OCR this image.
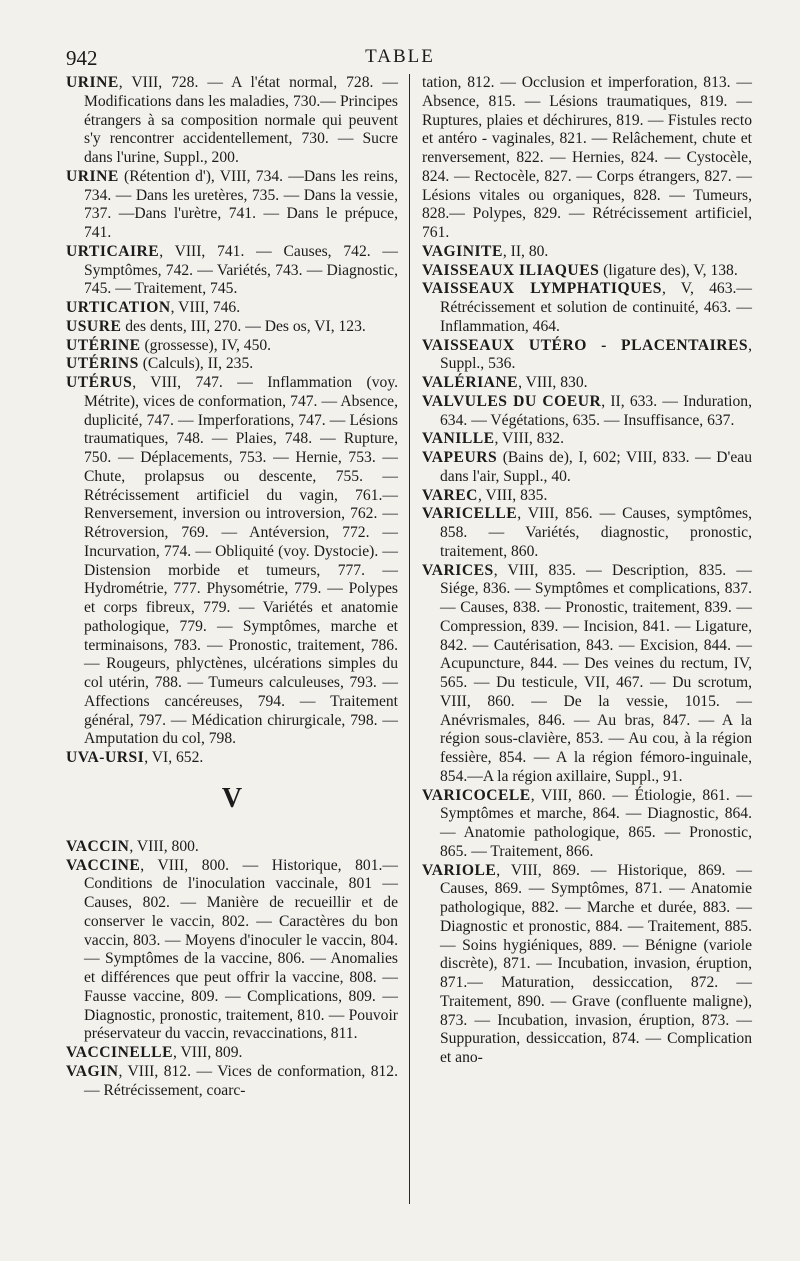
942	TABLE

URINE, VIII, 728. — A l'état normal, 728. — Modifications dans les maladies, 730.— Principes étrangers à sa composition normale qui peuvent s'y rencontrer accidentellement, 730. — Sucre dans l'urine, Suppl., 200.

URINE (Rétention d'), VIII, 734. —Dans les reins, 734. — Dans les uretères, 735. — Dans la vessie, 737. —Dans l'urètre, 741. — Dans le prépuce, 741.

URTICAIRE, VIII, 741. — Causes, 742. — Symptômes, 742. — Variétés, 743. — Diagnostic, 745. — Traitement, 745.

URTICATION, VIII, 746.

USURE des dents, III, 270. — Des os, VI, 123.

UTÉRINE (grossesse), IV, 450.

UTÉRINS (Calculs), II, 235.

UTÉRUS, VIII, 747. — Inflammation (voy. Métrite), vices de conformation, 747. — Absence, duplicité, 747. — Imperforations, 747. — Lésions traumatiques, 748. — Plaies, 748. — Rupture, 750. — Déplacements, 753. — Hernie, 753. — Chute, prolapsus ou descente, 755. — Rétrécissement artificiel du vagin, 761.— Renversement, inversion ou introversion, 762. — Rétroversion, 769. — Antéversion, 772. — Incurvation, 774. — Obliquité (voy. Dystocie). — Distension morbide et tumeurs, 777. —Hydrométrie, 777. Physométrie, 779. — Polypes et corps fibreux, 779. — Variétés et anatomie pathologique, 779. — Symptômes, marche et terminaisons, 783. — Pronostic, traitement, 786. — Rougeurs, phlyctènes, ulcérations simples du col utérin, 788. — Tumeurs calculeuses, 793. — Affections cancéreuses, 794. — Traitement général, 797. — Médication chirurgicale, 798. — Amputation du col, 798.

UVA-URSI, VI, 652.

V

VACCIN, VIII, 800.

VACCINE, VIII, 800. — Historique, 801.— Conditions de l'inoculation vaccinale, 801 — Causes, 802. — Manière de recueillir et de conserver le vaccin, 802. — Caractères du bon vaccin, 803. — Moyens d'inoculer le vaccin, 804. — Symptômes de la vaccine, 806. — Anomalies et différences que peut offrir la vaccine, 808. — Fausse vaccine, 809. — Complications, 809. — Diagnostic, pronostic, traitement, 810. — Pouvoir préservateur du vaccin, revaccinations, 811.

VACCINELLE, VIII, 809.

VAGIN, VIII, 812. — Vices de conformation, 812. — Rétrécissement, coarc-

tation, 812. — Occlusion et imperforation, 813. — Absence, 815. — Lésions traumatiques, 819. — Ruptures, plaies et déchirures, 819. — Fistules recto et antéro - vaginales, 821. — Relâchement, chute et renversement, 822. — Hernies, 824. — Cystocèle, 824. — Rectocèle, 827. — Corps étrangers, 827. — Lésions vitales ou organiques, 828. — Tumeurs, 828.— Polypes, 829. — Rétrécissement artificiel, 761.

VAGINITE, II, 80.

VAISSEAUX ILIAQUES (ligature des), V, 138.

VAISSEAUX LYMPHATIQUES, V, 463.— Rétrécissement et solution de continuité, 463. — Inflammation, 464.

VAISSEAUX UTÉRO - PLACENTAIRES, Suppl., 536.

VALÉRIANE, VIII, 830.

VALVULES DU COEUR, II, 633. — Induration, 634. — Végétations, 635. — Insuffisance, 637.

VANILLE, VIII, 832.

VAPEURS (Bains de), I, 602; VIII, 833. — D'eau dans l'air, Suppl., 40.

VAREC, VIII, 835.

VARICELLE, VIII, 856. — Causes, symptômes, 858. — Variétés, diagnostic, pronostic, traitement, 860.

VARICES, VIII, 835. — Description, 835. — Siége, 836. — Symptômes et complications, 837. — Causes, 838. — Pronostic, traitement, 839. — Compression, 839. — Incision, 841. — Ligature, 842. — Cautérisation, 843. — Excision, 844. — Acupuncture, 844. — Des veines du rectum, IV, 565. — Du testicule, VII, 467. — Du scrotum, VIII, 860. — De la vessie, 1015. — Anévrismales, 846. — Au bras, 847. — A la région sous-clavière, 853. — Au cou, à la région fessière, 854. — A la région fémoro-inguinale, 854.—A la région axillaire, Suppl., 91.

VARICOCELE, VIII, 860. — Étiologie, 861. — Symptômes et marche, 864. — Diagnostic, 864. — Anatomie pathologique, 865. — Pronostic, 865. — Traitement, 866.

VARIOLE, VIII, 869. — Historique, 869. — Causes, 869. — Symptômes, 871. — Anatomie pathologique, 882. — Marche et durée, 883. — Diagnostic et pronostic, 884. — Traitement, 885. — Soins hygiéniques, 889. — Bénigne (variole discrète), 871. — Incubation, invasion, éruption, 871.— Maturation, dessiccation, 872. — Traitement, 890. — Grave (confluente maligne), 873. — Incubation, invasion, éruption, 873. — Suppuration, dessiccation, 874. — Complication et ano-
